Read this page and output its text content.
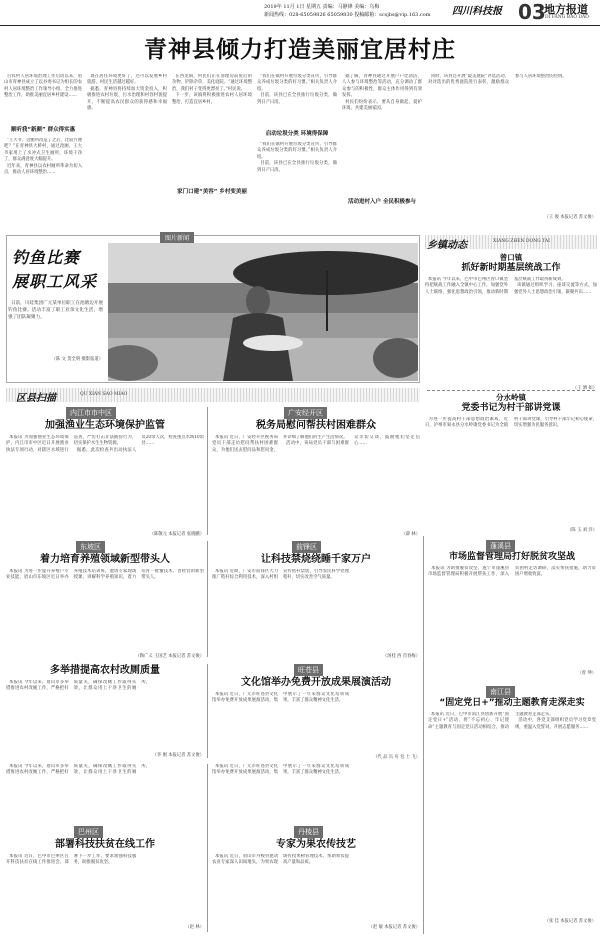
2019年 11月 1日 星期五 责编：马静锋 美编：乌梅
新闻热线：028-65059826 65059830 投稿邮箱：scsjbs@vip.163.com 四川科技报 03
地方报道
DI FANG BAO DAO
青神县倾力打造美丽宜居村庄
目农村人居环境治理工作启动以来，眉山市青神县成立了以县委书记为组长的农村人居环境整治工作领导小组，全力推进整治工作，助推美丽宜居乡村建设……
顺听我“新颜” 群众得实惠
“王大爷，这厕所改造了之后，比较方便吧？”在青神县大桥村，通过改厕，王大爷家用上了水冲式卫生厕所，环境干净了，群众满意度大幅提升。
近年来，青神县以农村厕所革命为切入点，推动人居环境整治……
现在居住环境更好了，还可以发展乡村旅游，村民生活越过越好。
据悉，青神县将持续加大资金投入，积极推进农村垃圾、污水治理和村容村貌提升，不断提高农民群众的获得感和幸福感。
在西龙镇，村民们正在清理房前屋后的杂物，铲除杂草，美化庭院。“通过环境整治，我们村子变得更漂亮了。”村民说。
下一步，该镇将积极推进农村人居环境整治，打造宜居乡村。
家门口建“美容” 乡村变美丽
“我们在镇村开展垃圾分类宣传，引导群众养成垃圾分类的好习惯。”相关负责人介绍。
目前，该县已在全县推行垃圾分类，做到日产日清。
启动垃圾分类 环境得保障
“我们在镇村开展垃圾分类宣传，引导群众养成垃圾分类的好习惯。”相关负责人介绍。
目前，该县已在全县推行垃圾分类，做到日产日清。
据了解，青神县通过开展户户比清洁、人人参与环境整治等活动，充分调动了群众参与的积极性，群众主体作用得到有效发挥。
村民们纷纷表示，要从自身做起，爱护环境，共建美丽家园。
活动进村入户 全民积极参与
同时，该县还开展“最美庭院”评选活动，对评选出的优秀庭院进行表彰，激励群众参与人居环境整治的热情。
（王 俊 本报记者 苏文俊）
图片新闻
钓鱼比赛 展职工风采
日前，川硅集团广元某单位职工在池塘边开展钓鱼比赛。活动丰富了职工业余文化生活，增强了团队凝聚力。
（陈 文 贺全明 摄影报道）
乡镇动态	XIANG ZHEN DONG TAI
曾口镇
抓好新时期基层统战工作
本报讯 今年以来，巴中市巴州区曾口镇坚持把统战工作融入全镇中心工作，加强党外人士联络，强化思想政治引领，推动新时期基层统战工作取得新成效。
该镇通过组织学习、座谈交流等方式，加强党外人士思想政治引领，凝聚共识……
（王 洒 如）
分水岭镇
党委书记为村干部讲党课
为进一步提高村干部思想政治素质，近日，泸州市叙永县分水岭镇党委书记为全镇村干部讲党课，引导村干部牢记初心使命，切实增强为民服务意识。
（陈 玉 刘 洋）
区县扫描	QU XIAN SAO MIAO
内江市市中区
加强渔业生态环境保护监管
本报讯 为加强渔业生态环境保护，内江市市中区近日开展渔业执法专项行动，对辖区水域进行巡查，严厉打击非法捕捞行为，切实保护水生生物资源。
据悉，此次检查共出动执法人员20余人次，检查重点水域10余处……
（陈敬元 本报记者 张晓鹏）
广安经开区
税务局慰问帮扶村困难群众
本报讯 近日，广安经开区税务局党员干部走访慰问帮扶村困难群众，为他们送去慰问品和慰问金，并详细了解他们的生产生活情况。
活动中，该局党员干部与困难群众亲切交谈，鼓励他们坚定信心……
（薛 林）
东坡区
着力培育养殖领域新型带头人
本报讯 为进一步提升养殖户专业技能，眉山市东坡区近日举办养殖技术培训班，邀请专家现场授课，讲解科学养殖知识，着力培育一批懂技术、善经营的新型带头人。
（陶广义 王国艺 本报记者 苏文俊）
前锋区
让科技禁烧绕睡千家万户
本报讯 近期，广安市前锋区大力推广秸秆综合利用技术，深入村组宣传秸秆禁烧，引导农民科学处理秸秆，切实改善空气质量。
（汤桂 西 肖春梅）
多举措提高农村改厕质量
本报讯 今年以来，眉山市多举措推进农村改厕工作，严格把好质量关，确保改厕工作取得实效，让群众用上干净卫生的厕所。
（李 刚 本报记者 苏文俊）
旺苍县
文化馆举办免费开放成果展演活动
本报讯 近日，广元市旺苍县文化馆举办免费开放成果展演活动，集中展示了一年来群众文化培训成果，丰富了群众精神文化生活。
（代 品 冯 舟 包 士 飞）
巴州区
部署科技扶贫在线工作
本报讯 近日，巴中市巴州区召开科技扶贫在线工作推进会，部署下一步工作，要求加强科技服务，助推脱贫攻坚。
（赵 林）
丹棱县
专家为果农传技艺
本报讯 近日，眉山市丹棱县邀请农业专家深入田间地头，为果农现场传授果树管理技术，帮助果农提高产量和品质。
（赵 敏 本报记者 苏文俊）
本报讯 今年以来，眉山市多举措推进农村改厕工作，严格把好质量关，确保改厕工作取得实效，让群众用上干净卫生的厕所。	本报讯 近日，广元市旺苍县文化馆举办免费开放成果展演活动，集中展示了一年来群众文化培训成果，丰富了群众精神文化生活。
蓬溪县
市场监督管理局打好脱贫攻坚战
本报讯 为助推脱贫攻坚，遂宁市蓬溪县市场监督管理局积极开展帮扶工作，深入贫困村走访调研，落实帮扶措施，助力贫困户增收致富。
（曾 坤）
南江县
“固定党日+”推动主题教育走深走实
本报讯 近日，巴中市南江县创新开展“固定党日+”活动，将“不忘初心、牢记使命”主题教育与固定党日活动相结合，推动主题教育走深走实。
活动中，各党支部组织党员学习党章党规，重温入党誓词，开展志愿服务……
（张 佳 本报记者 苏文俊）
